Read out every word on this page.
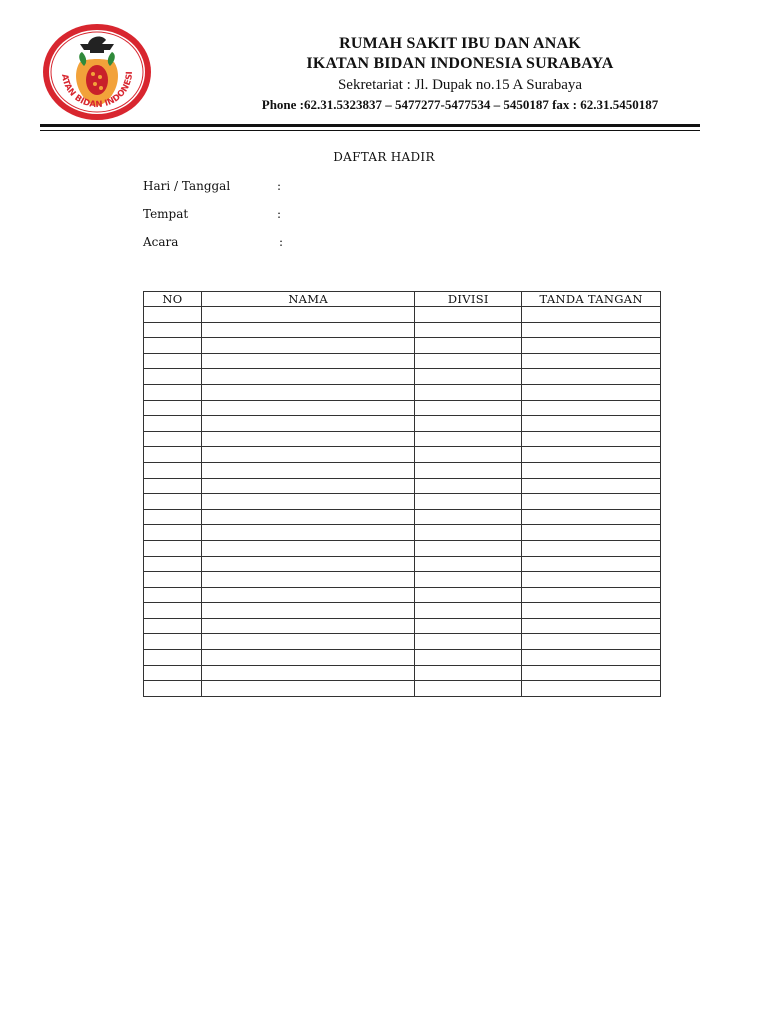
ATAN BIDAN INDONESI
RUMAH SAKIT IBU DAN ANAK
IKATAN BIDAN INDONESIA SURABAYA
Sekretariat : Jl. Dupak no.15 A Surabaya
Phone :62.31.5323837 – 5477277-5477534 – 5450187 fax : 62.31.5450187
DAFTAR HADIR
Hari / Tanggal	:
Tempat	:
Acara	:
NO	NAMA	DIVISI	TANDA TANGAN
